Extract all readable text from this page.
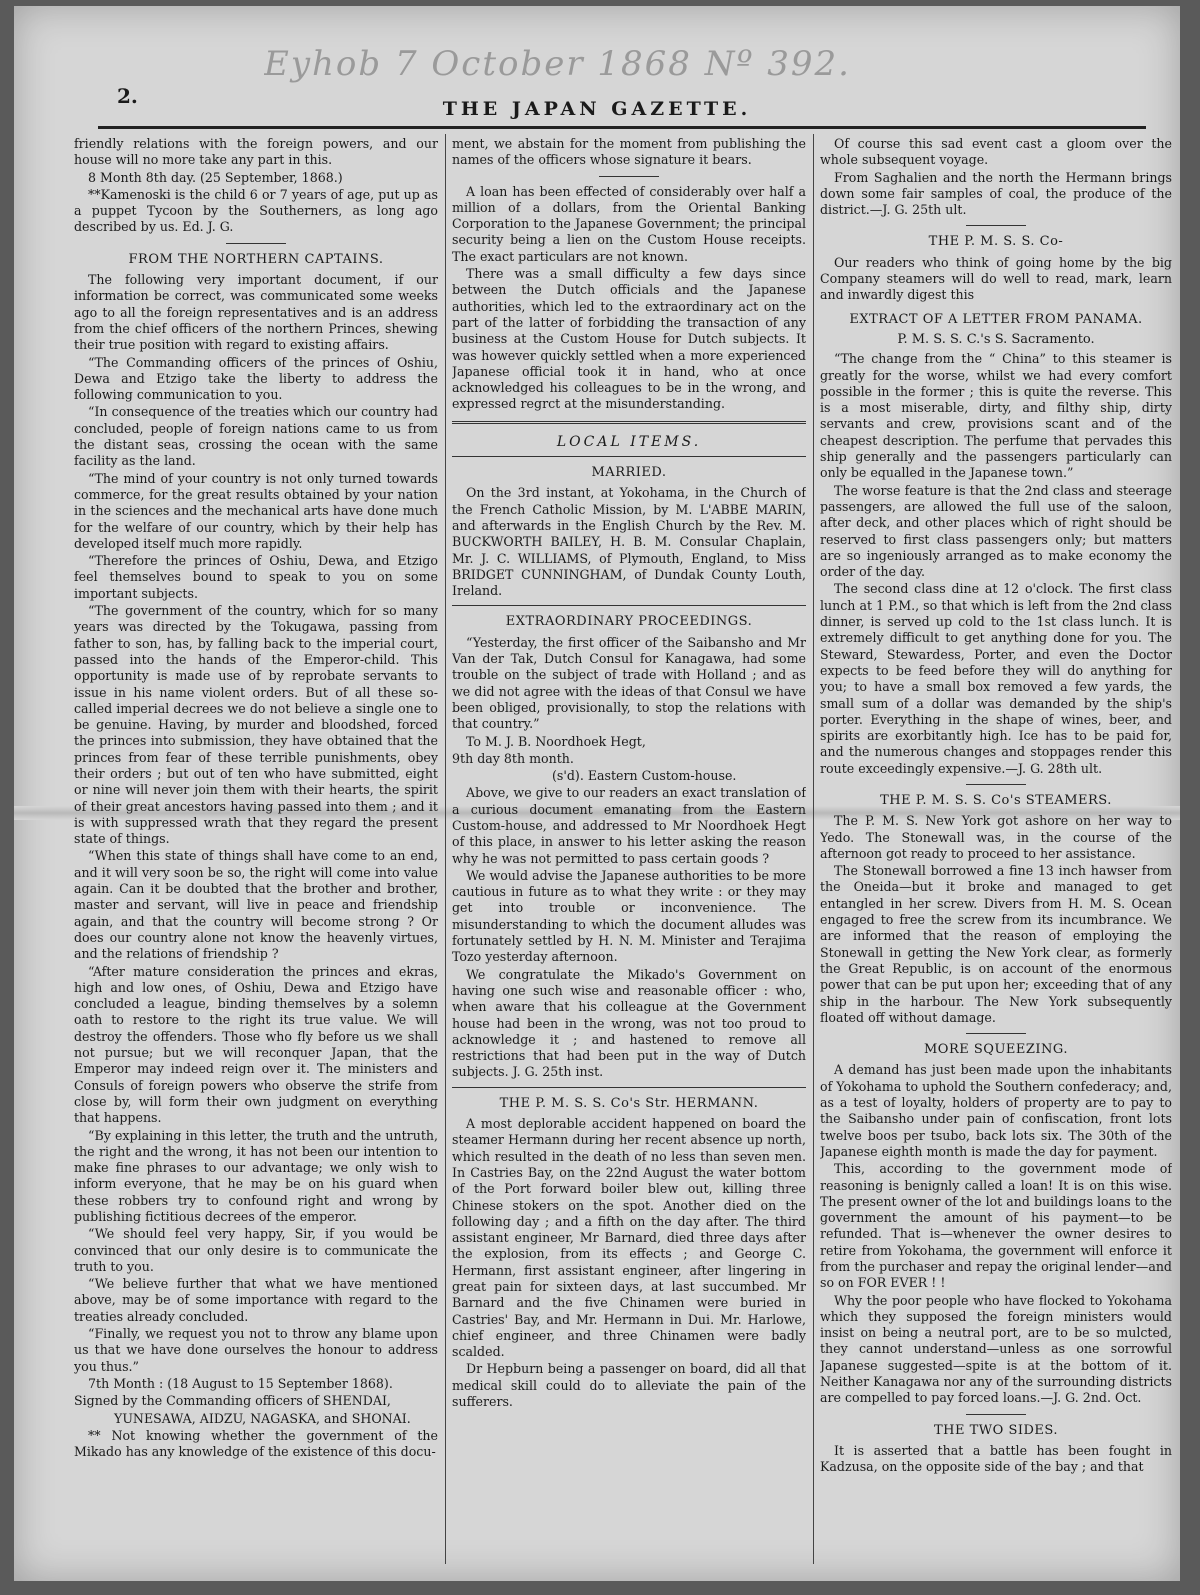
Eyhob 7 October 1868 Nº 392.
2.
THE JAPAN GAZETTE.

friendly relations with the foreign powers, and our house will no more take any part in this.

8 Month 8th day. (25 September, 1868.)

**Kamenoski is the child 6 or 7 years of age, put up as a puppet Tycoon by the Southerners, as long ago described by us. Ed. J. G.

FROM THE NORTHERN CAPTAINS.

The following very important document, if our information be correct, was communicated some weeks ago to all the foreign representatives and is an address from the chief officers of the northern Princes, shewing their true position with regard to existing affairs.

“The Commanding officers of the princes of Oshiu, Dewa and Etzigo take the liberty to address the following communication to you.

“In consequence of the treaties which our country had concluded, people of foreign nations came to us from the distant seas, crossing the ocean with the same facility as the land.

“The mind of your country is not only turned towards commerce, for the great results obtained by your nation in the sciences and the mechanical arts have done much for the welfare of our country, which by their help has developed itself much more rapidly.

“Therefore the princes of Oshiu, Dewa, and Etzigo feel themselves bound to speak to you on some important subjects.

“The government of the country, which for so many years was directed by the Tokugawa, passing from father to son, has, by falling back to the imperial court, passed into the hands of the Emperor-child. This opportunity is made use of by reprobate servants to issue in his name violent orders. But of all these so-called imperial decrees we do not believe a single one to be genuine. Having, by murder and bloodshed, forced the princes into submission, they have obtained that the princes from fear of these terrible punishments, obey their orders ; but out of ten who have submitted, eight or nine will never join them with their hearts, the spirit of their great ancestors having passed into them ; and it is with suppressed wrath that they regard the present state of things.

“When this state of things shall have come to an end, and it will very soon be so, the right will come into value again. Can it be doubted that the brother and brother, master and servant, will live in peace and friendship again, and that the country will become strong ? Or does our country alone not know the heavenly virtues, and the relations of friendship ?

“After mature consideration the princes and ekras, high and low ones, of Oshiu, Dewa and Etzigo have concluded a league, binding themselves by a solemn oath to restore to the right its true value. We will destroy the offenders. Those who fly before us we shall not pursue; but we will reconquer Japan, that the Emperor may indeed reign over it. The ministers and Consuls of foreign powers who observe the strife from close by, will form their own judgment on everything that happens.

“By explaining in this letter, the truth and the untruth, the right and the wrong, it has not been our intention to make fine phrases to our advantage; we only wish to inform everyone, that he may be on his guard when these robbers try to confound right and wrong by publishing fictitious decrees of the emperor.

“We should feel very happy, Sir, if you would be convinced that our only desire is to communicate the truth to you.

“We believe further that what we have mentioned above, may be of some importance with regard to the treaties already concluded.

“Finally, we request you not to throw any blame upon us that we have done ourselves the honour to address you thus.”

7th Month : (18 August to 15 September 1868).

Signed by the Commanding officers of SHENDAI,

YUNESAWA, AIDZU, NAGASKA, and SHONAI.

** Not knowing whether the government of the Mikado has any knowledge of the existence of this docu-

ment, we abstain for the moment from publishing the names of the officers whose signature it bears.

A loan has been effected of considerably over half a million of a dollars, from the Oriental Banking Corporation to the Japanese Government; the principal security being a lien on the Custom House receipts. The exact particulars are not known.

There was a small difficulty a few days since between the Dutch officials and the Japanese authorities, which led to the extraordinary act on the part of the latter of forbidding the transaction of any business at the Custom House for Dutch subjects. It was however quickly settled when a more experienced Japanese official took it in hand, who at once acknowledged his colleagues to be in the wrong, and expressed regrct at the misunderstanding.

LOCAL ITEMS.
MARRIED.

On the 3rd instant, at Yokohama, in the Church of the French Catholic Mission, by M. L'ABBE MARIN, and afterwards in the English Church by the Rev. M. BUCKWORTH BAILEY, H. B. M. Consular Chaplain, Mr. J. C. WILLIAMS, of Plymouth, England, to Miss BRIDGET CUNNINGHAM, of Dundak County Louth, Ireland.

EXTRAORDINARY PROCEEDINGS.

“Yesterday, the first officer of the Saibansho and Mr Van der Tak, Dutch Consul for Kanagawa, had some trouble on the subject of trade with Holland ; and as we did not agree with the ideas of that Consul we have been obliged, provisionally, to stop the relations with that country.”

To M. J. B. Noordhoek Hegt,

9th day 8th month.

(s'd). Eastern Custom-house.

Above, we give to our readers an exact translation of a curious document emanating from the Eastern Custom-house, and addressed to Mr Noordhoek Hegt of this place, in answer to his letter asking the reason why he was not permitted to pass certain goods ?

We would advise the Japanese authorities to be more cautious in future as to what they write : or they may get into trouble or inconvenience. The misunderstanding to which the document alludes was fortunately settled by H. N. M. Minister and Terajima Tozo yesterday afternoon.

We congratulate the Mikado's Government on having one such wise and reasonable officer : who, when aware that his colleague at the Government house had been in the wrong, was not too proud to acknowledge it ; and hastened to remove all restrictions that had been put in the way of Dutch subjects. J. G. 25th inst.

THE P. M. S. S. Co's Str. HERMANN.

A most deplorable accident happened on board the steamer Hermann during her recent absence up north, which resulted in the death of no less than seven men. In Castries Bay, on the 22nd August the water bottom of the Port forward boiler blew out, killing three Chinese stokers on the spot. Another died on the following day ; and a fifth on the day after. The third assistant engineer, Mr Barnard, died three days after the explosion, from its effects ; and George C. Hermann, first assistant engineer, after lingering in great pain for sixteen days, at last succumbed. Mr Barnard and the five Chinamen were buried in Castries' Bay, and Mr. Hermann in Dui. Mr. Harlowe, chief engineer, and three Chinamen were badly scalded.

Dr Hepburn being a passenger on board, did all that medical skill could do to alleviate the pain of the sufferers.

Of course this sad event cast a gloom over the whole subsequent voyage.

From Saghalien and the north the Hermann brings down some fair samples of coal, the produce of the district.—J. G. 25th ult.

THE P. M. S. S. Co-

Our readers who think of going home by the big Company steamers will do well to read, mark, learn and inwardly digest this

EXTRACT OF A LETTER FROM PANAMA.
P. M. S. S. C.'s S. Sacramento.

“The change from the “ China” to this steamer is greatly for the worse, whilst we had every comfort possible in the former ; this is quite the reverse. This is a most miserable, dirty, and filthy ship, dirty servants and crew, provisions scant and of the cheapest description. The perfume that pervades this ship generally and the passengers particularly can only be equalled in the Japanese town.”

The worse feature is that the 2nd class and steerage passengers, are allowed the full use of the saloon, after deck, and other places which of right should be reserved to first class passengers only; but matters are so ingeniously arranged as to make economy the order of the day.

The second class dine at 12 o'clock. The first class lunch at 1 P.M., so that which is left from the 2nd class dinner, is served up cold to the 1st class lunch. It is extremely difficult to get anything done for you. The Steward, Stewardess, Porter, and even the Doctor expects to be feed before they will do anything for you; to have a small box removed a few yards, the small sum of a dollar was demanded by the ship's porter. Everything in the shape of wines, beer, and spirits are exorbitantly high. Ice has to be paid for, and the numerous changes and stoppages render this route exceedingly expensive.—J. G. 28th ult.

THE P. M. S. S. Co's STEAMERS.

The P. M. S. New York got ashore on her way to Yedo. The Stonewall was, in the course of the afternoon got ready to proceed to her assistance.

The Stonewall borrowed a fine 13 inch hawser from the Oneida—but it broke and managed to get entangled in her screw. Divers from H. M. S. Ocean engaged to free the screw from its incumbrance. We are informed that the reason of employing the Stonewall in getting the New York clear, as formerly the Great Republic, is on account of the enormous power that can be put upon her; exceeding that of any ship in the harbour. The New York subsequently floated off without damage.

MORE SQUEEZING.

A demand has just been made upon the inhabitants of Yokohama to uphold the Southern confederacy; and, as a test of loyalty, holders of property are to pay to the Saibansho under pain of confiscation, front lots twelve boos per tsubo, back lots six. The 30th of the Japanese eighth month is made the day for payment.

This, according to the government mode of reasoning is benignly called a loan! It is on this wise. The present owner of the lot and buildings loans to the government the amount of his payment—to be refunded. That is—whenever the owner desires to retire from Yokohama, the government will enforce it from the purchaser and repay the original lender—and so on FOR EVER ! !

Why the poor people who have flocked to Yokohama which they supposed the foreign ministers would insist on being a neutral port, are to be so mulcted, they cannot understand—unless as one sorrowful Japanese suggested—spite is at the bottom of it. Neither Kanagawa nor any of the surrounding districts are compelled to pay forced loans.—J. G. 2nd. Oct.

THE TWO SIDES.

It is asserted that a battle has been fought in Kadzusa, on the opposite side of the bay ; and that
